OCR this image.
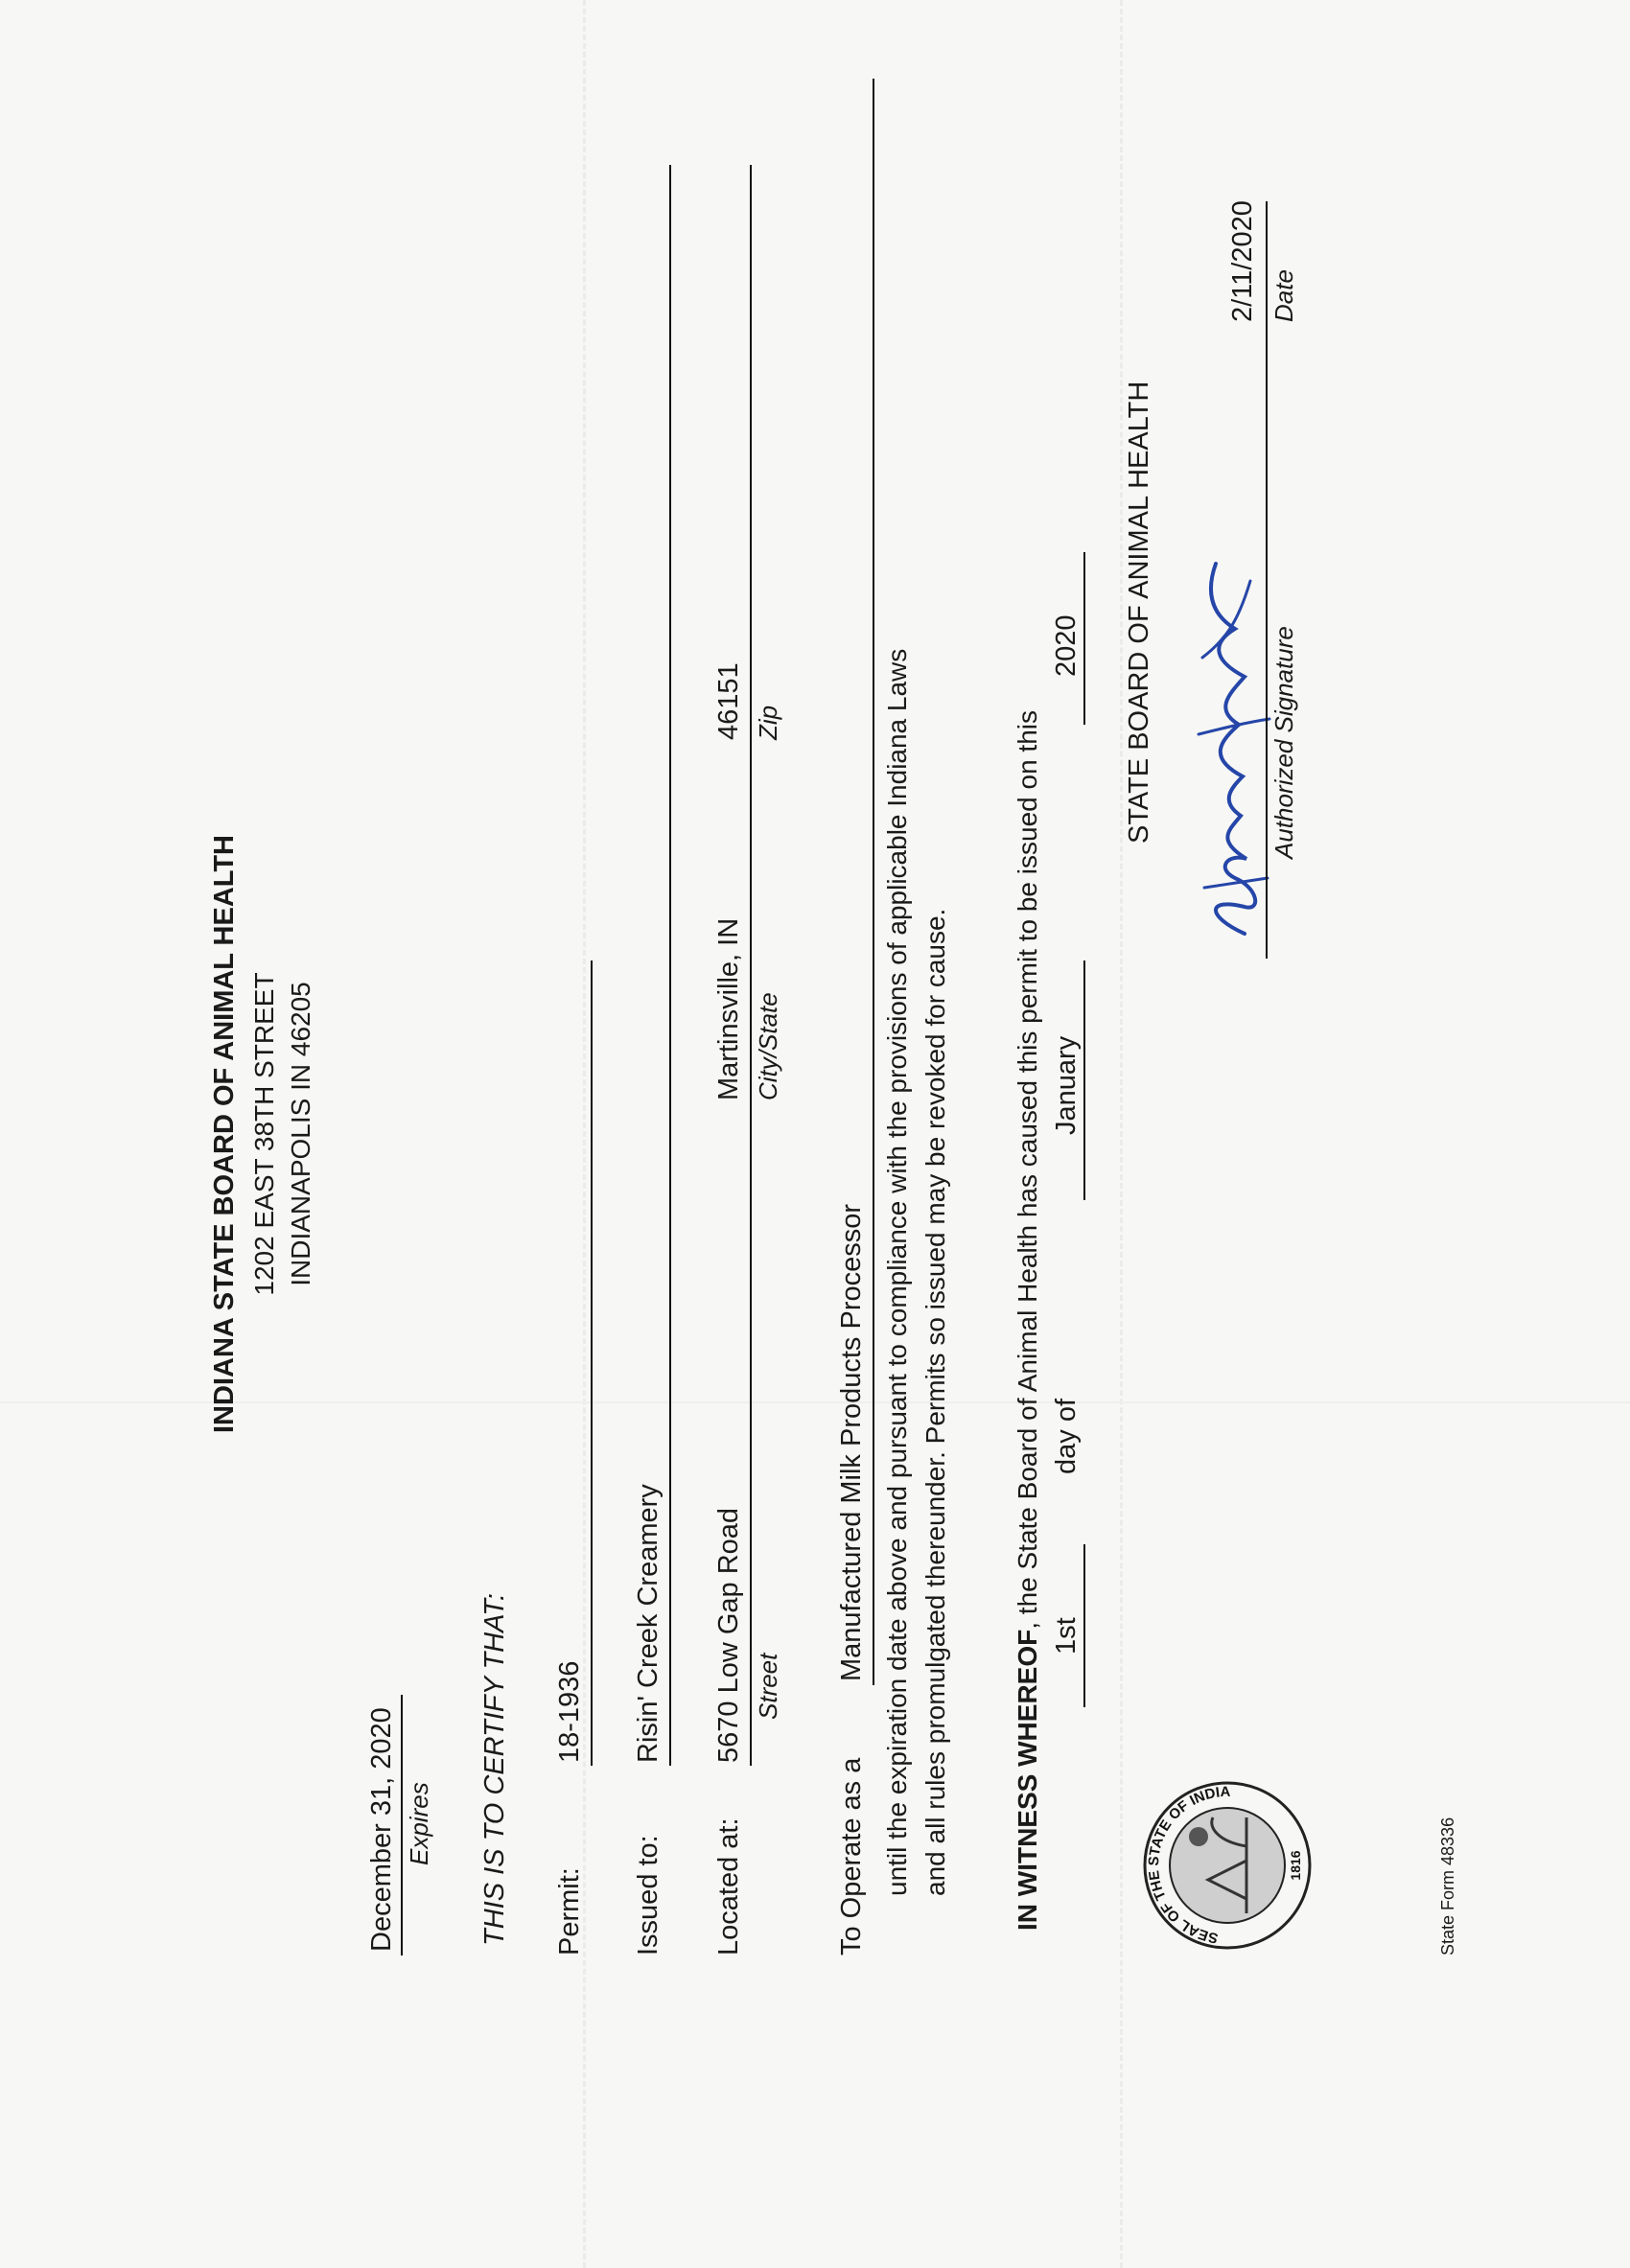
INDIANA STATE BOARD OF ANIMAL HEALTH 1202 EAST 38TH STREET INDIANAPOLIS IN 46205
December 31, 2020 Expires THIS IS TO CERTIFY THAT: Permit:
18-1936
Issued to:
Risin' Creek Creamery
Located at:
5670 Low Gap Road
Martinsville, IN
46151
Street
City/State
Zip
To Operate as a
Manufactured Milk Products Processor until the expiration date above and pursuant to compliance with the provisions of applicable Indiana Laws and all rules promulgated thereunder. Permits so issued may be revoked for cause. IN WITNESS WHEREOF, the State Board of Animal Health has caused this permit to be issued on this
1st
day of
January
2020 STATE BOARD OF ANIMAL HEALTH	Authorized Signature
2/11/2020 Date
SEAL OF THE STATE OF INDIA
1816	State Form 48336
